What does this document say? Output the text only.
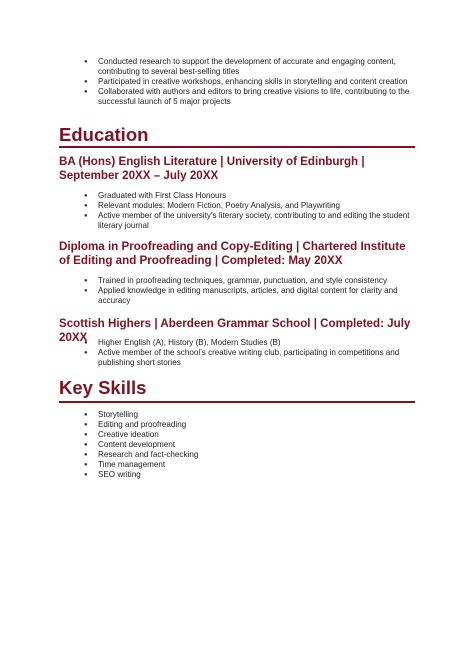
● Conducted research to support the development of accurate and engaging content, contributing to several best-selling titles
● Participated in creative workshops, enhancing skills in storytelling and content creation
● Collaborated with authors and editors to bring creative visions to life, contributing to the successful launch of 5 major projects
Education
BA (Hons) English Literature | University of Edinburgh | September 20XX – July 20XX
● Graduated with First Class Honours
● Relevant modules: Modern Fiction, Poetry Analysis, and Playwriting
● Active member of the university’s literary society, contributing to and editing the student literary journal
Diploma in Proofreading and Copy-Editing | Chartered Institute of Editing and Proofreading | Completed: May 20XX
● Trained in proofreading techniques, grammar, punctuation, and style consistency
● Applied knowledge in editing manuscripts, articles, and digital content for clarity and accuracy
Scottish Highers | Aberdeen Grammar School | Completed: July 20XX
●	Higher English (A), History (B), Modern Studies (B)
● Active member of the school’s creative writing club, participating in competitions and publishing short stories
Key Skills
● Storytelling
● Editing and proofreading
● Creative ideation
● Content development
● Research and fact-checking
● Time management
● SEO writing
